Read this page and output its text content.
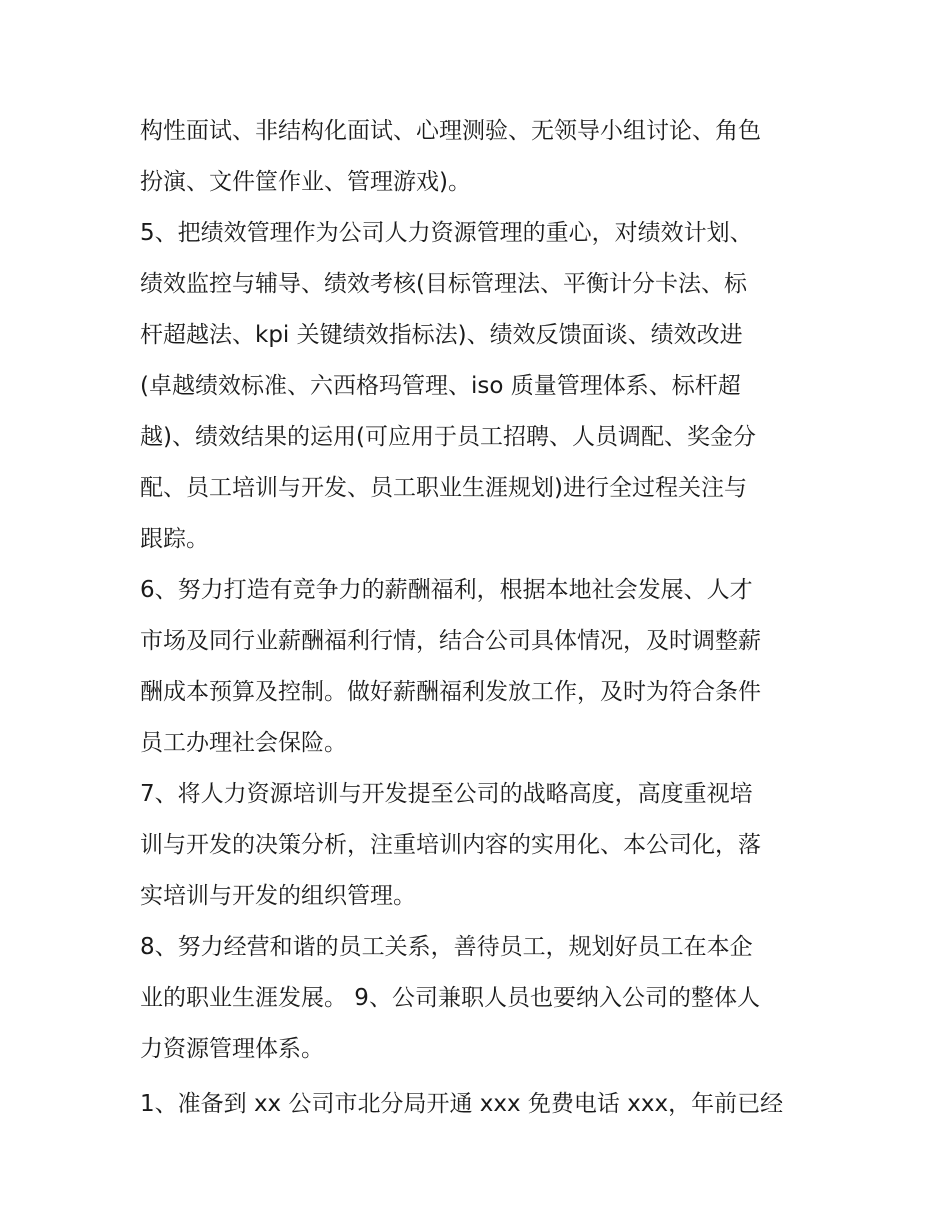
构性面试、非结构化面试、心理测验、无领导小组讨论、角色
扮演、文件筐作业、管理游戏)。
5、把绩效管理作为公司人力资源管理的重心，对绩效计划、
绩效监控与辅导、绩效考核(目标管理法、平衡计分卡法、标
杆超越法、kpi 关键绩效指标法)、绩效反馈面谈、绩效改进
(卓越绩效标准、六西格玛管理、iso 质量管理体系、标杆超
越)、绩效结果的运用(可应用于员工招聘、人员调配、奖金分
配、员工培训与开发、员工职业生涯规划)进行全过程关注与
跟踪。
6、努力打造有竞争力的薪酬福利，根据本地社会发展、人才
市场及同行业薪酬福利行情，结合公司具体情况，及时调整薪
酬成本预算及控制。做好薪酬福利发放工作，及时为符合条件
员工办理社会保险。
7、将人力资源培训与开发提至公司的战略高度，高度重视培
训与开发的决策分析，注重培训内容的实用化、本公司化，落
实培训与开发的组织管理。
8、努力经营和谐的员工关系，善待员工，规划好员工在本企
业的职业生涯发展。 9、公司兼职人员也要纳入公司的整体人
力资源管理体系。
1、准备到 xx 公司市北分局开通 xxx 免费电话 xxx，年前已经
